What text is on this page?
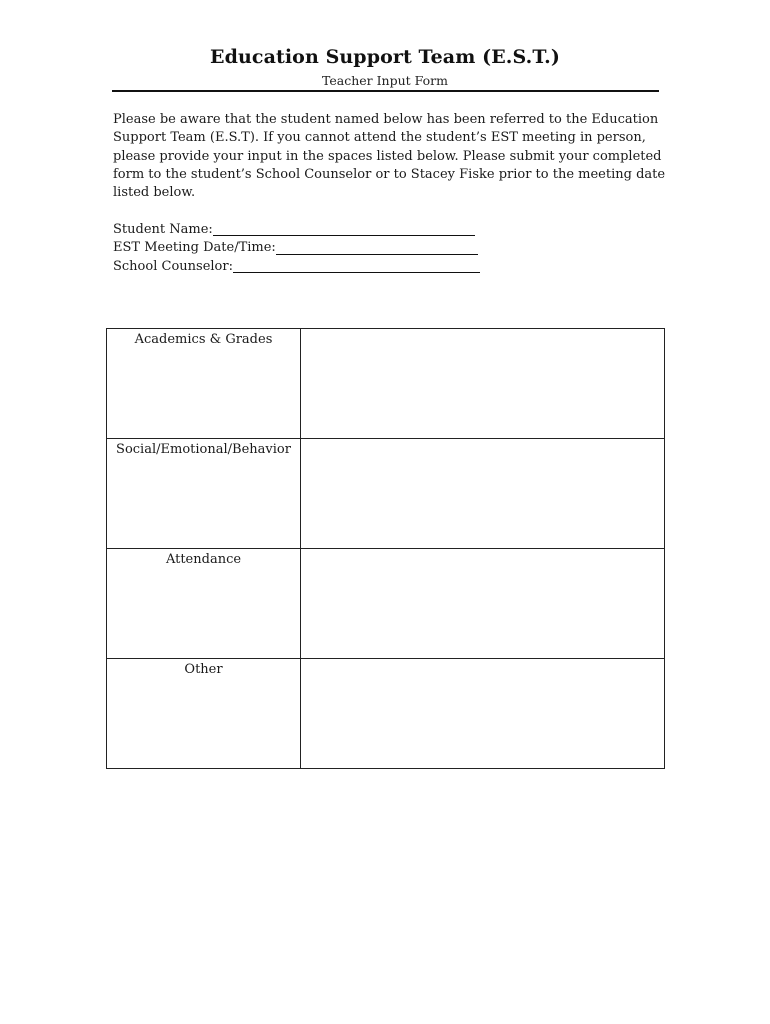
Education Support Team (E.S.T.)
Teacher Input Form
Please be aware that the student named below has been referred to the Education
Support Team (E.S.T). If you cannot attend the student’s EST meeting in person,
please provide your input in the spaces listed below. Please submit your completed
form to the student’s School Counselor or to Stacey Fiske prior to the meeting date
listed below.
Student Name:
EST Meeting Date/Time:
School Counselor:
Academics & Grades	
Social/Emotional/Behavior	
Attendance	
Other	
